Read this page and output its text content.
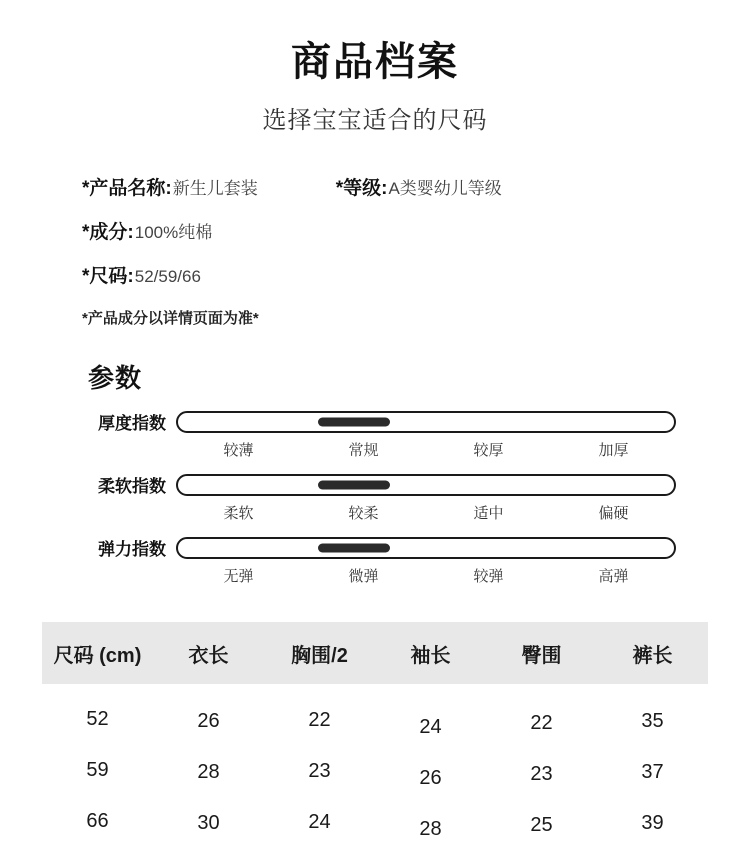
商品档案
选择宝宝适合的尺码
*产品名称: 新生儿套装	*等级: A类婴幼儿等级
*成分: 100%纯棉
*尺码: 52/59/66
*产品成分以详情页面为准*
参数
厚度指数
较薄	常规	较厚	加厚
柔软指数
柔软	较柔	适中	偏硬
弹力指数
无弹	微弹	较弹	高弹
尺码 (cm)	衣长	胸围/2	袖长	臀围	裤长
52	26	22	24	22	35
59	28	23	26	23	37
66	30	24	28	25	39
